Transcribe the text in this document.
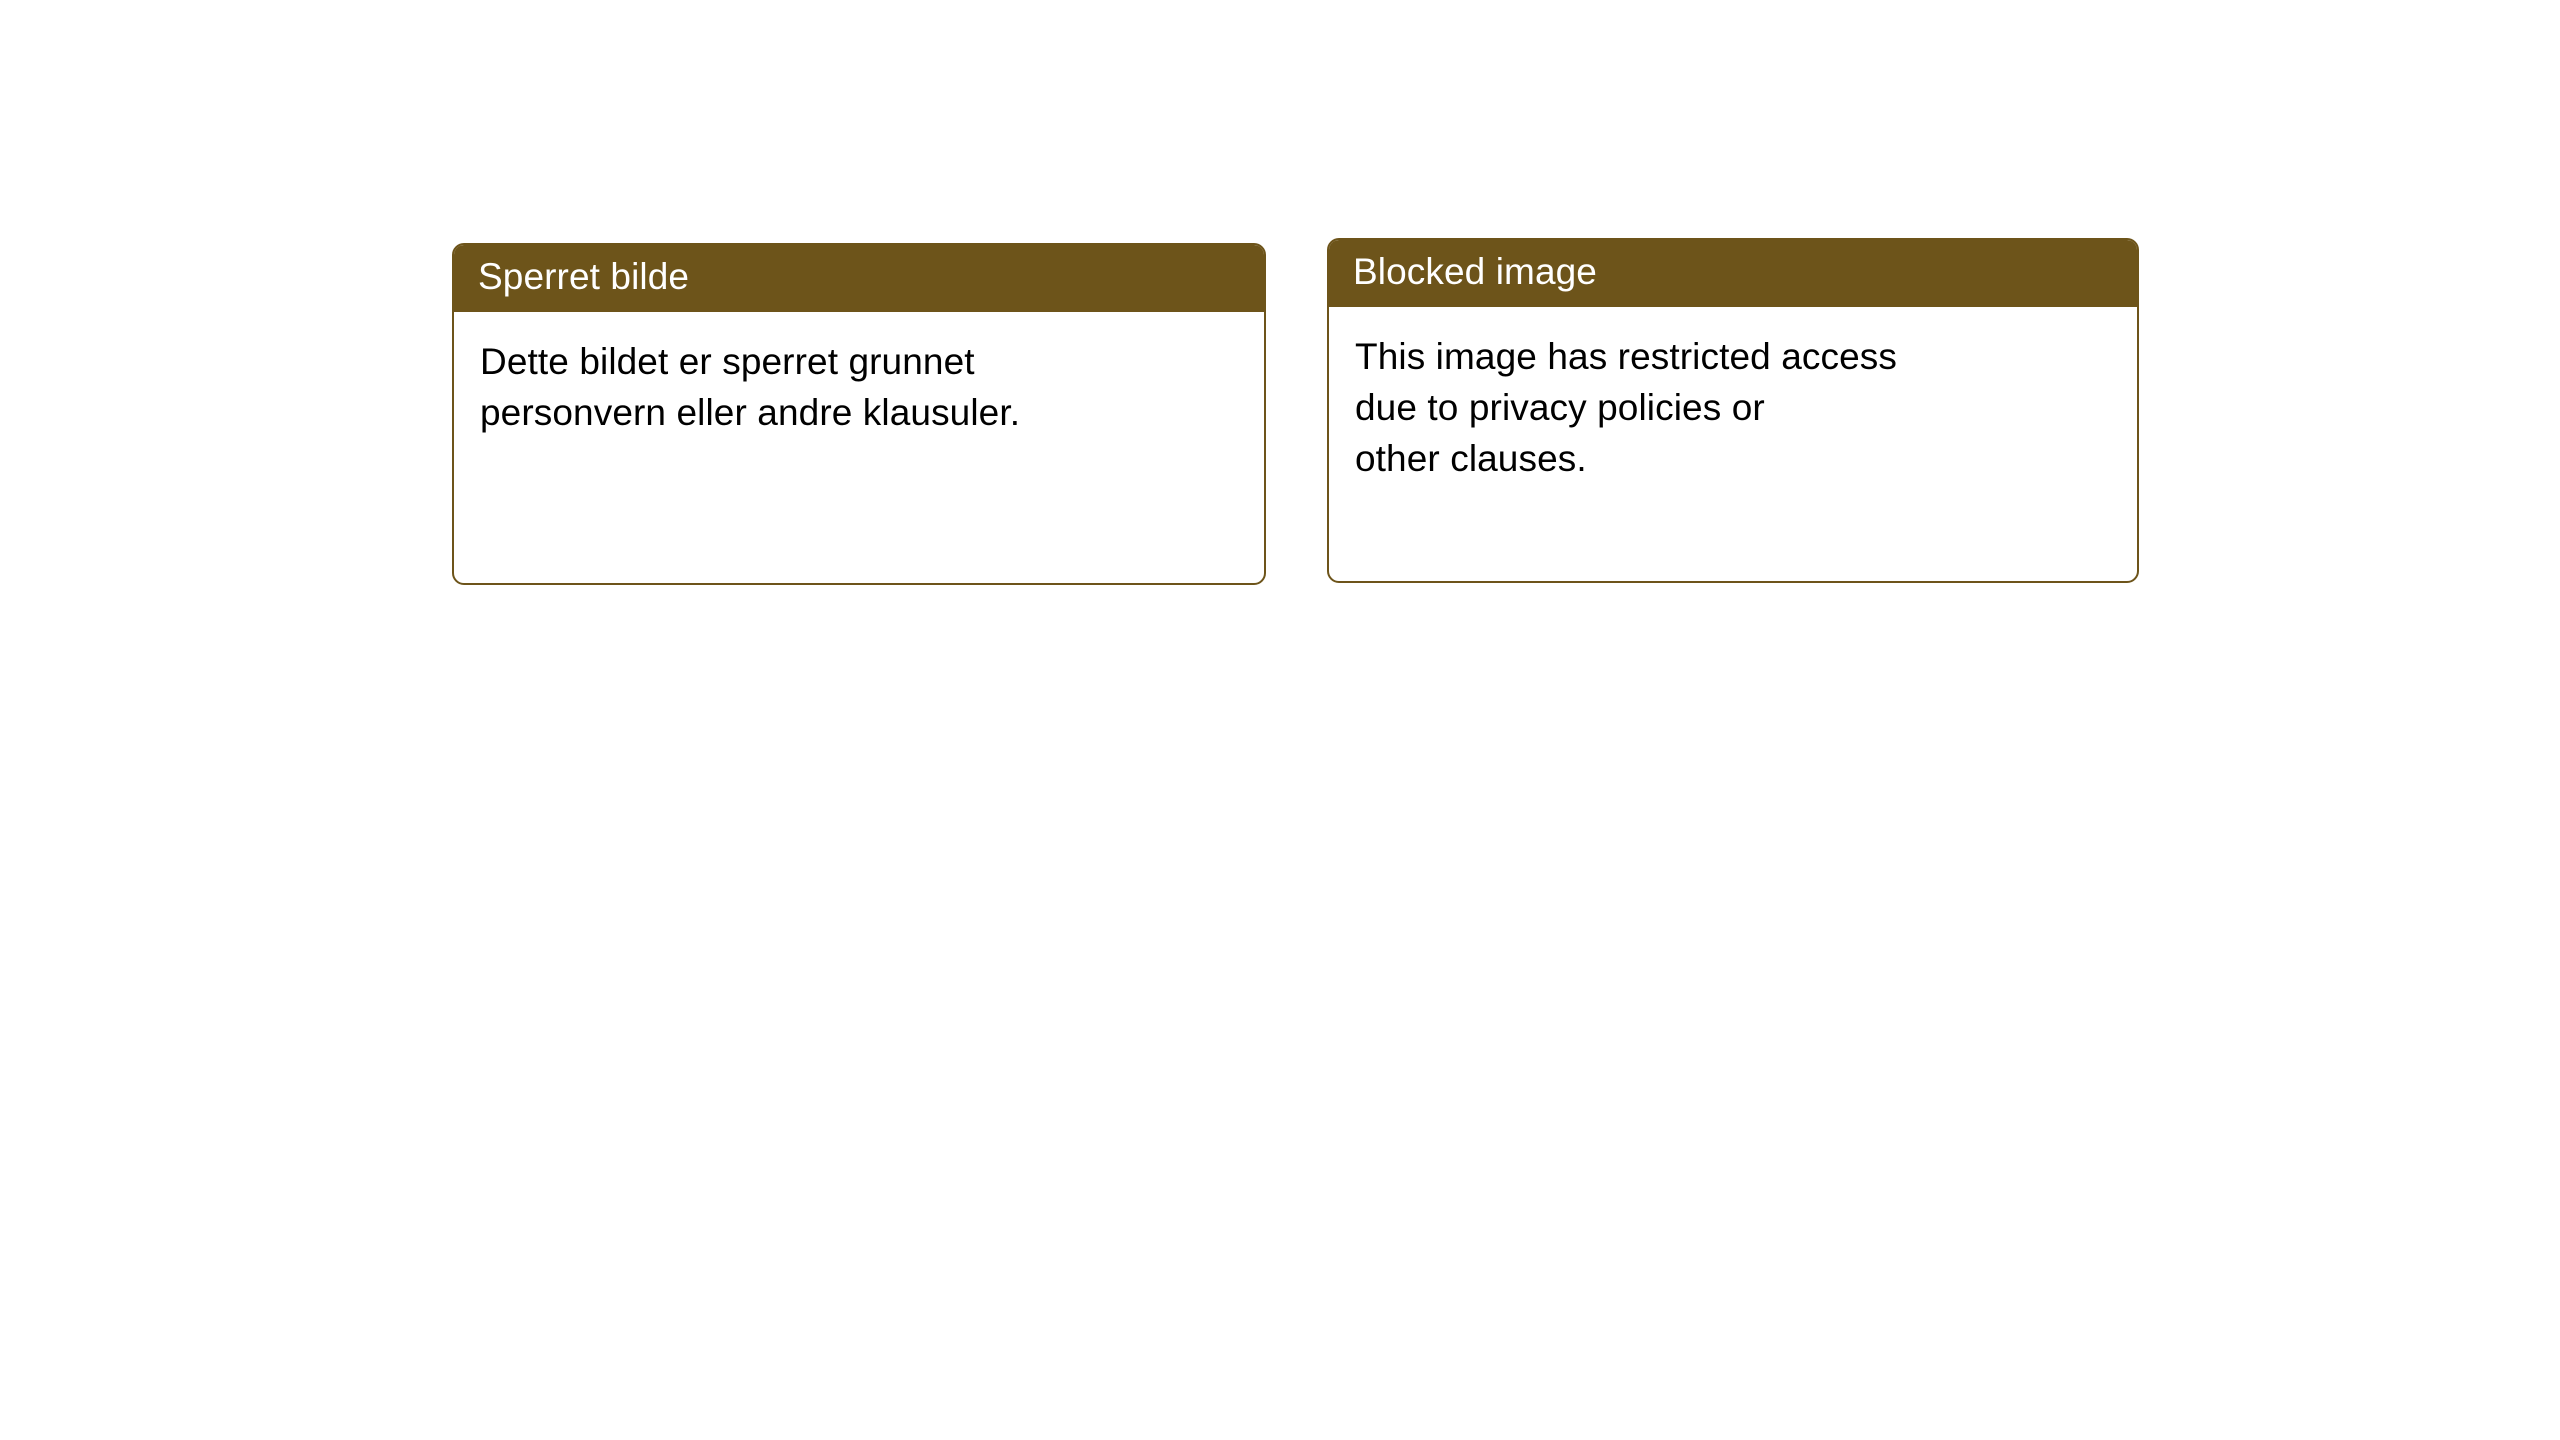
Sperret bilde
Dette bildet er sperret grunnet
personvern eller andre klausuler.
Blocked image
This image has restricted access
due to privacy policies or
other clauses.
